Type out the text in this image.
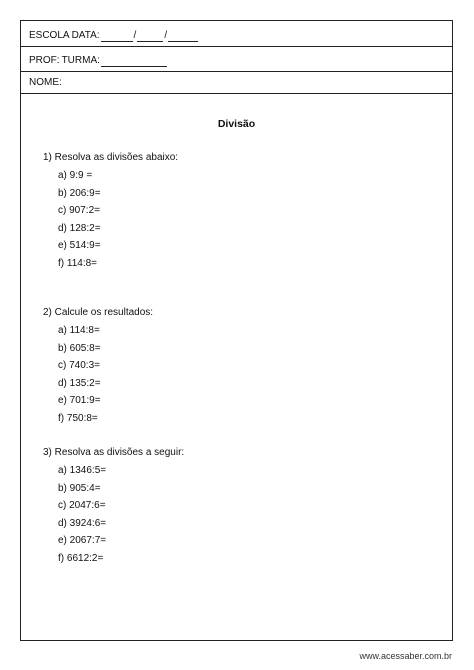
ESCOLA DATA:	/	/
PROF: TURMA:
NOME:
Divisão
1) Resolva as divisões abaixo:
a) 9:9 =
b) 206:9=
c) 907:2=
d) 128:2=
e) 514:9=
f) 114:8=
2) Calcule os resultados:
a) 114:8=
b) 605:8=
c) 740:3=
d) 135:2=
e) 701:9=
f) 750:8=
3) Resolva as divisões a seguir:
a) 1346:5=
b) 905:4=
c) 2047:6=
d) 3924:6=
e) 2067:7=
f) 6612:2=
www.acessaber.com.br
